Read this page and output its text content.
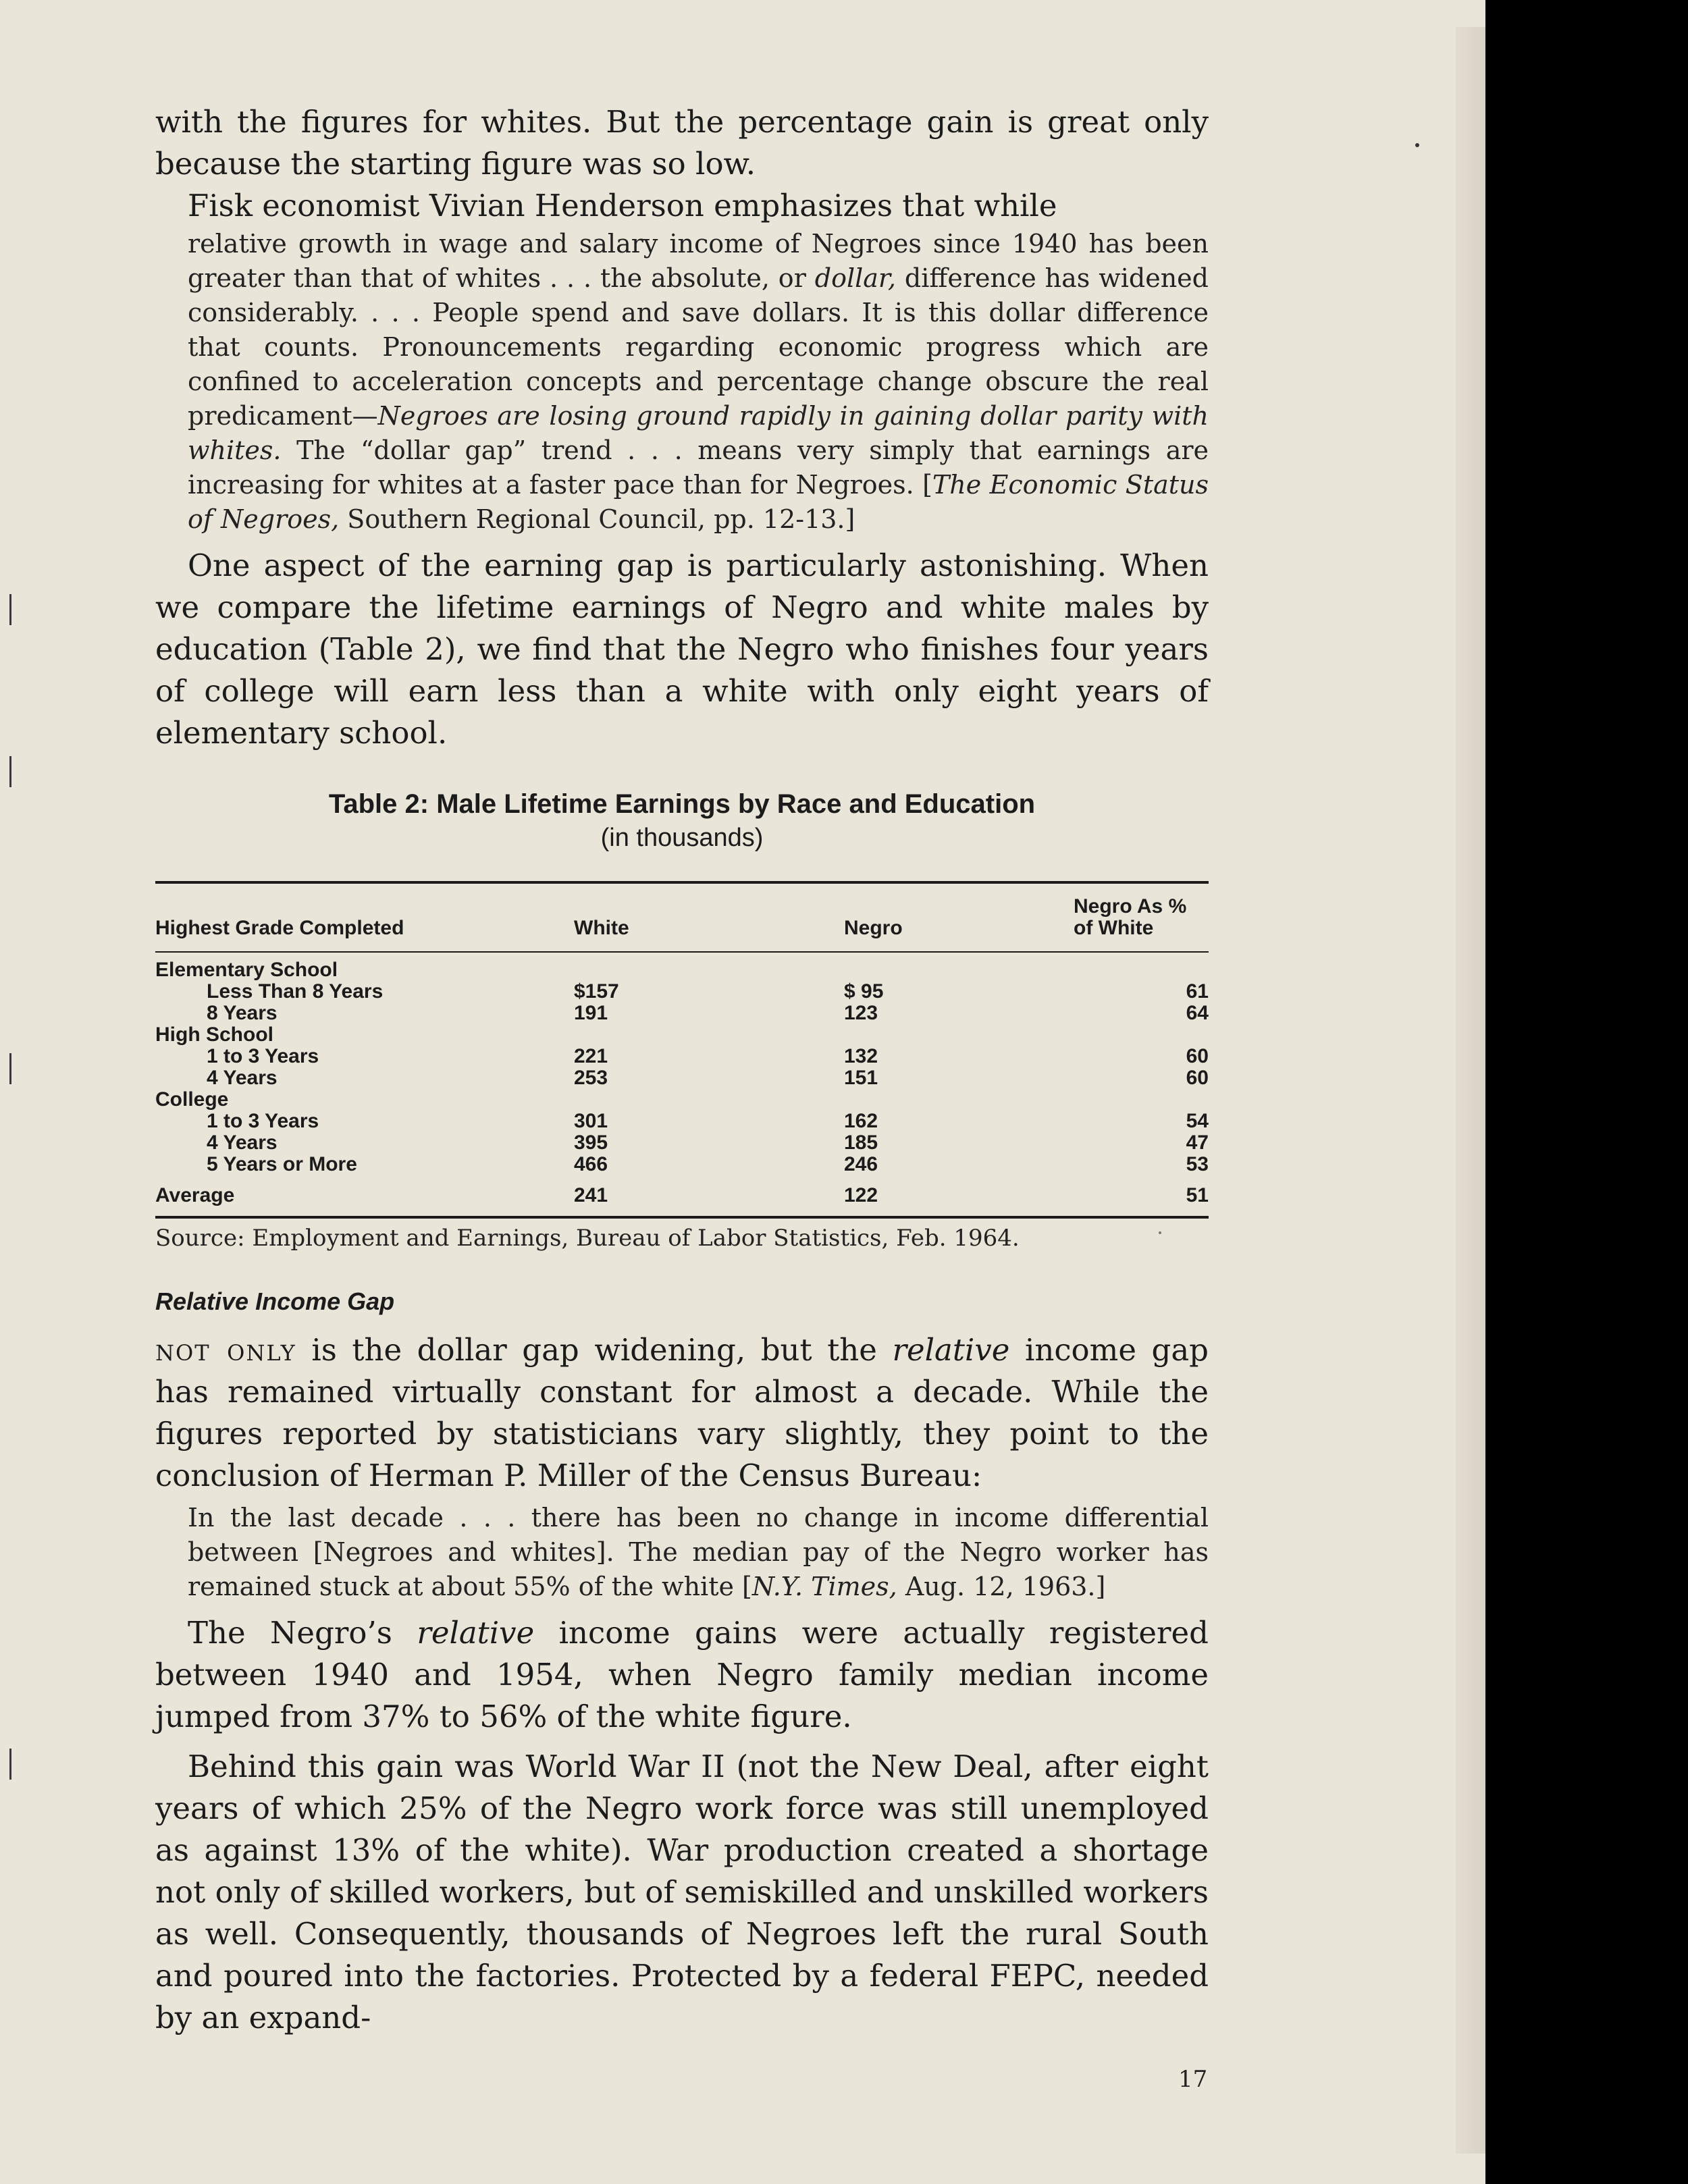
with the figures for whites. But the percentage gain is great only because the starting figure was so low.

Fisk economist Vivian Henderson emphasizes that while

relative growth in wage and salary income of Negroes since 1940 has been greater than that of whites . . . the absolute, or dollar, difference has widened considerably. . . . People spend and save dollars. It is this dollar difference that counts. Pronouncements regarding economic progress which are confined to acceleration concepts and percentage change obscure the real predicament—Negroes are losing ground rapidly in gaining dollar parity with whites. The “dollar gap” trend . . . means very simply that earnings are increasing for whites at a faster pace than for Negroes. [The Economic Status of Negroes, Southern Regional Council, pp. 12-13.]

One aspect of the earning gap is particularly astonishing. When we compare the lifetime earnings of Negro and white males by education (Table 2), we find that the Negro who finishes four years of college will earn less than a white with only eight years of elementary school.

Table 2: Male Lifetime Earnings by Race and Education
(in thousands)
Highest Grade Completed	White	Negro	Negro As %
of White
Elementary School			
Less Than 8 Years	$157	$ 95	61
8 Years	191	123	64
High School			
1 to 3 Years	221	132	60
4 Years	253	151	60
College			
1 to 3 Years	301	162	54
4 Years	395	185	47
5 Years or More	466	246	53

Average	241	122	51
Source: Employment and Earnings, Bureau of Labor Statistics, Feb. 1964.
Relative Income Gap

not only is the dollar gap widening, but the relative income gap has remained virtually constant for almost a decade. While the figures reported by statisticians vary slightly, they point to the conclusion of Herman P. Miller of the Census Bureau:

In the last decade . . . there has been no change in income differential between [Negroes and whites]. The median pay of the Negro worker has remained stuck at about 55% of the white [N.Y. Times, Aug. 12, 1963.]

The Negro’s relative income gains were actually registered between 1940 and 1954, when Negro family median income jumped from 37% to 56% of the white figure.

Behind this gain was World War II (not the New Deal, after eight years of which 25% of the Negro work force was still unemployed as against 13% of the white). War production created a shortage not only of skilled workers, but of semiskilled and unskilled workers as well. Consequently, thousands of Negroes left the rural South and poured into the factories. Protected by a federal FEPC, needed by an expand-

17
